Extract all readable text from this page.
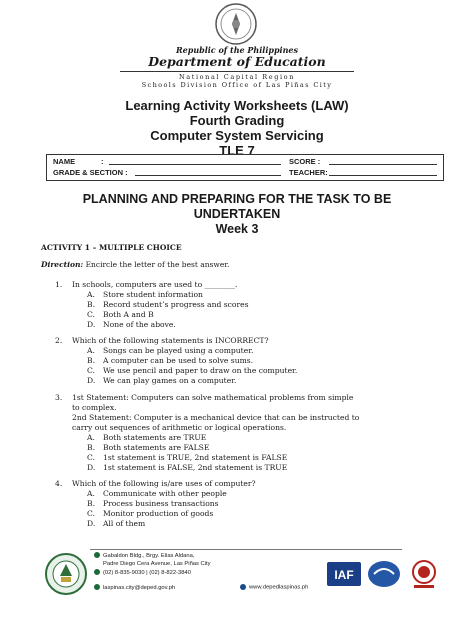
Republic of the Philippines
Department of Education
National Capital Region
Schools Division Office of Las Piñas City
Learning Activity Worksheets (LAW)
Fourth Grading
Computer System Servicing
TLE 7
NAME	:	SCORE :
GRADE & SECTION :	TEACHER:
PLANNING AND PREPARING FOR THE TASK TO BE
UNDERTAKEN
Week 3
ACTIVITY 1 – MULTIPLE CHOICE
Direction: Encircle the letter of the best answer.
1. In schools, computers are used to ________.
A. Store student information
B. Record student’s progress and scores
C. Both A and B
D. None of the above.
2. Which of the following statements is INCORRECT?
A. Songs can be played using a computer.
B. A computer can be used to solve sums.
C. We use pencil and paper to draw on the computer.
D. We can play games on a computer.
3. 1st Statement: Computers can solve mathematical problems from simple
to complex.
2nd Statement: Computer is a mechanical device that can be instructed to
carry out sequences of arithmetic or logical operations.
A. Both statements are TRUE
B. Both statements are FALSE
C. 1st statement is TRUE, 2nd statement is FALSE
D. 1st statement is FALSE, 2nd statement is TRUE
4. Which of the following is/are uses of computer?
A. Communicate with other people
B. Process business transactions
C. Monitor production of goods
D. All of them
Gabaldon Bldg., Brgy. Elias Aldana,
Padre Diego Cera Avenue, Las Piñas City
(02) 8-835-9030 | (02) 8-822-3840
laspinas.city@deped.gov.ph	www.depedlaspinas.ph
IAF
